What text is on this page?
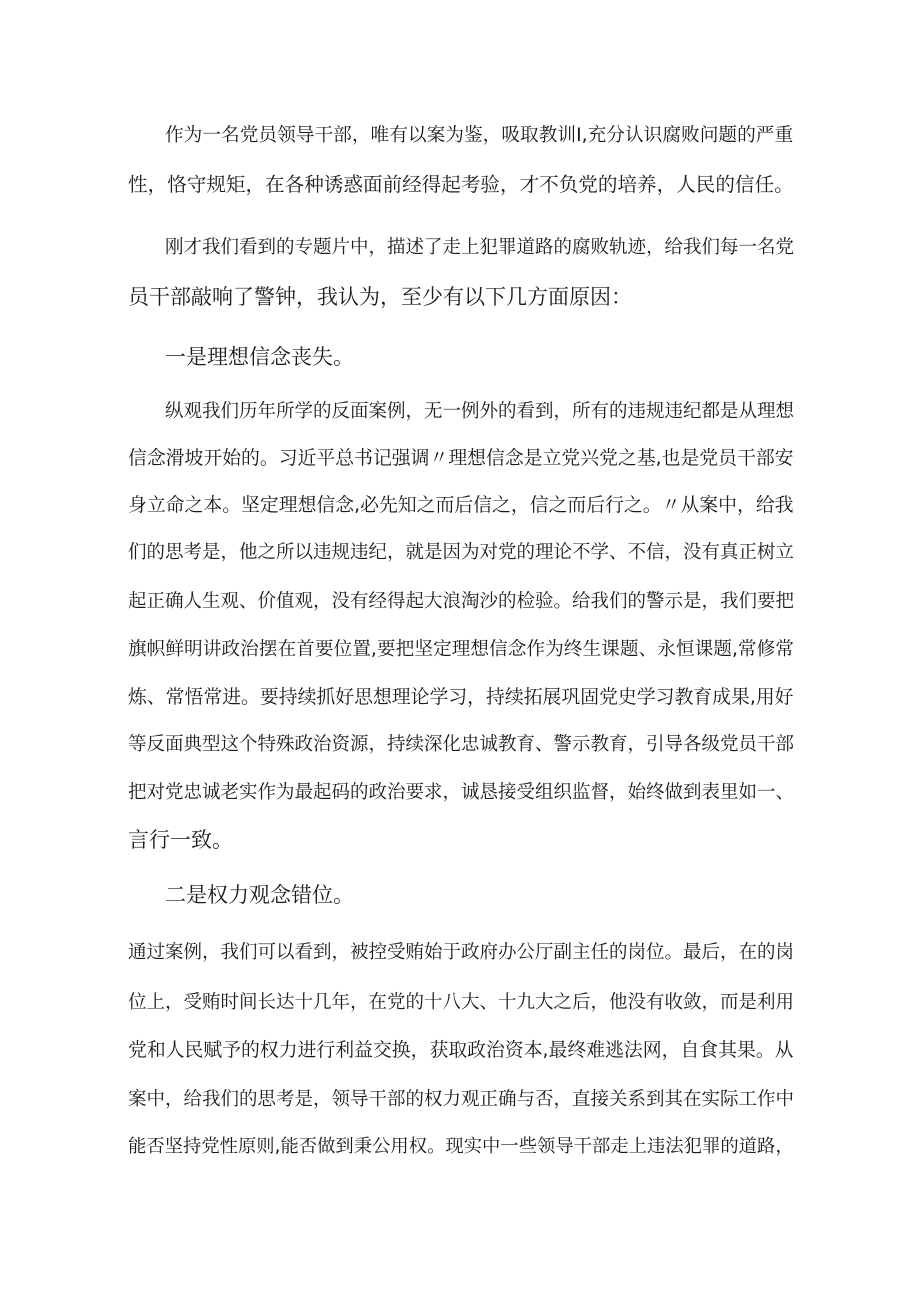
作为一名党员领导干部，唯有以案为鉴，吸取教训Ⅰ,充分认识腐败问题的严重

性，恪守规矩，在各种诱惑面前经得起考验，才不负党的培养，人民的信任。

刚才我们看到的专题片中，描述了走上犯罪道路的腐败轨迹，给我们每一名党

员干部敲响了警钟，我认为，至少有以下几方面原因：

一是理想信念丧失。

纵观我们历年所学的反面案例，无一例外的看到，所有的违规违纪都是从理想

信念滑坡开始的。习近平总书记强调〃理想信念是立党兴党之基,也是党员干部安

身立命之本。坚定理想信念,必先知之而后信之，信之而后行之。〃从案中，给我

们的思考是，他之所以违规违纪，就是因为对党的理论不学、不信，没有真正树立

起正确人生观、价值观，没有经得起大浪淘沙的检验。给我们的警示是，我们要把

旗帜鲜明讲政治摆在首要位置,要把坚定理想信念作为终生课题、永恒课题,常修常

炼、常悟常进。要持续抓好思想理论学习，持续拓展巩固党史学习教育成果,用好

等反面典型这个特殊政治资源，持续深化忠诚教育、警示教育，引导各级党员干部

把对党忠诚老实作为最起码的政治要求，诚恳接受组织监督，始终做到表里如一、

言行一致。

二是权力观念错位。

通过案例，我们可以看到，被控受贿始于政府办公厅副主任的岗位。最后，在的岗

位上，受贿时间长达十几年，在党的十八大、十九大之后，他没有收敛，而是利用

党和人民赋予的权力进行利益交换，获取政治资本,最终难逃法网，自食其果。从

案中，给我们的思考是，领导干部的权力观正确与否，直接关系到其在实际工作中

能否坚持党性原则,能否做到秉公用权。现实中一些领导干部走上违法犯罪的道路，
